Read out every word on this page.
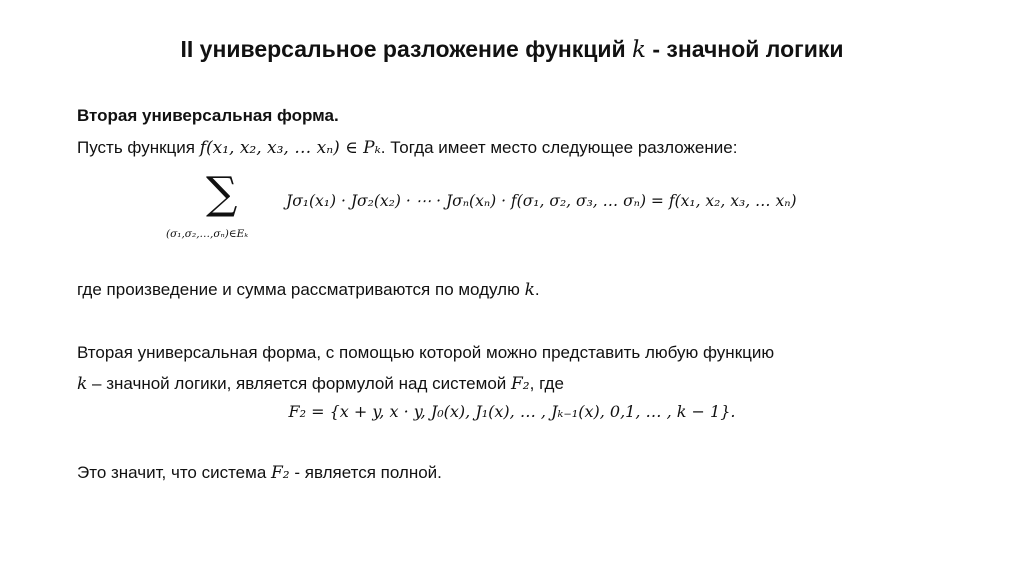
II универсальное разложение функций k - значной логики
Вторая универсальная форма.
Пусть функция f(x₁, x₂, x₃, … xₙ) ∈ Pₖ. Тогда имеет место следующее разложение:
∑
(σ₁,σ₂,…,σₙ)∈Eₖ
Jσ₁(x₁) · Jσ₂(x₂) · ⋯ · Jσₙ(xₙ) · f(σ₁, σ₂, σ₃, … σₙ) = f(x₁, x₂, x₃, … xₙ)
где произведение и сумма рассматриваются по модулю k.
Вторая универсальная форма, с помощью которой можно представить любую функцию
k – значной логики, является формулой над системой F₂, где
F₂ = {x + y, x · y, J₀(x), J₁(x), … , Jₖ₋₁(x), 0,1, … , k − 1}.
Это значит, что система F₂ - является полной.
